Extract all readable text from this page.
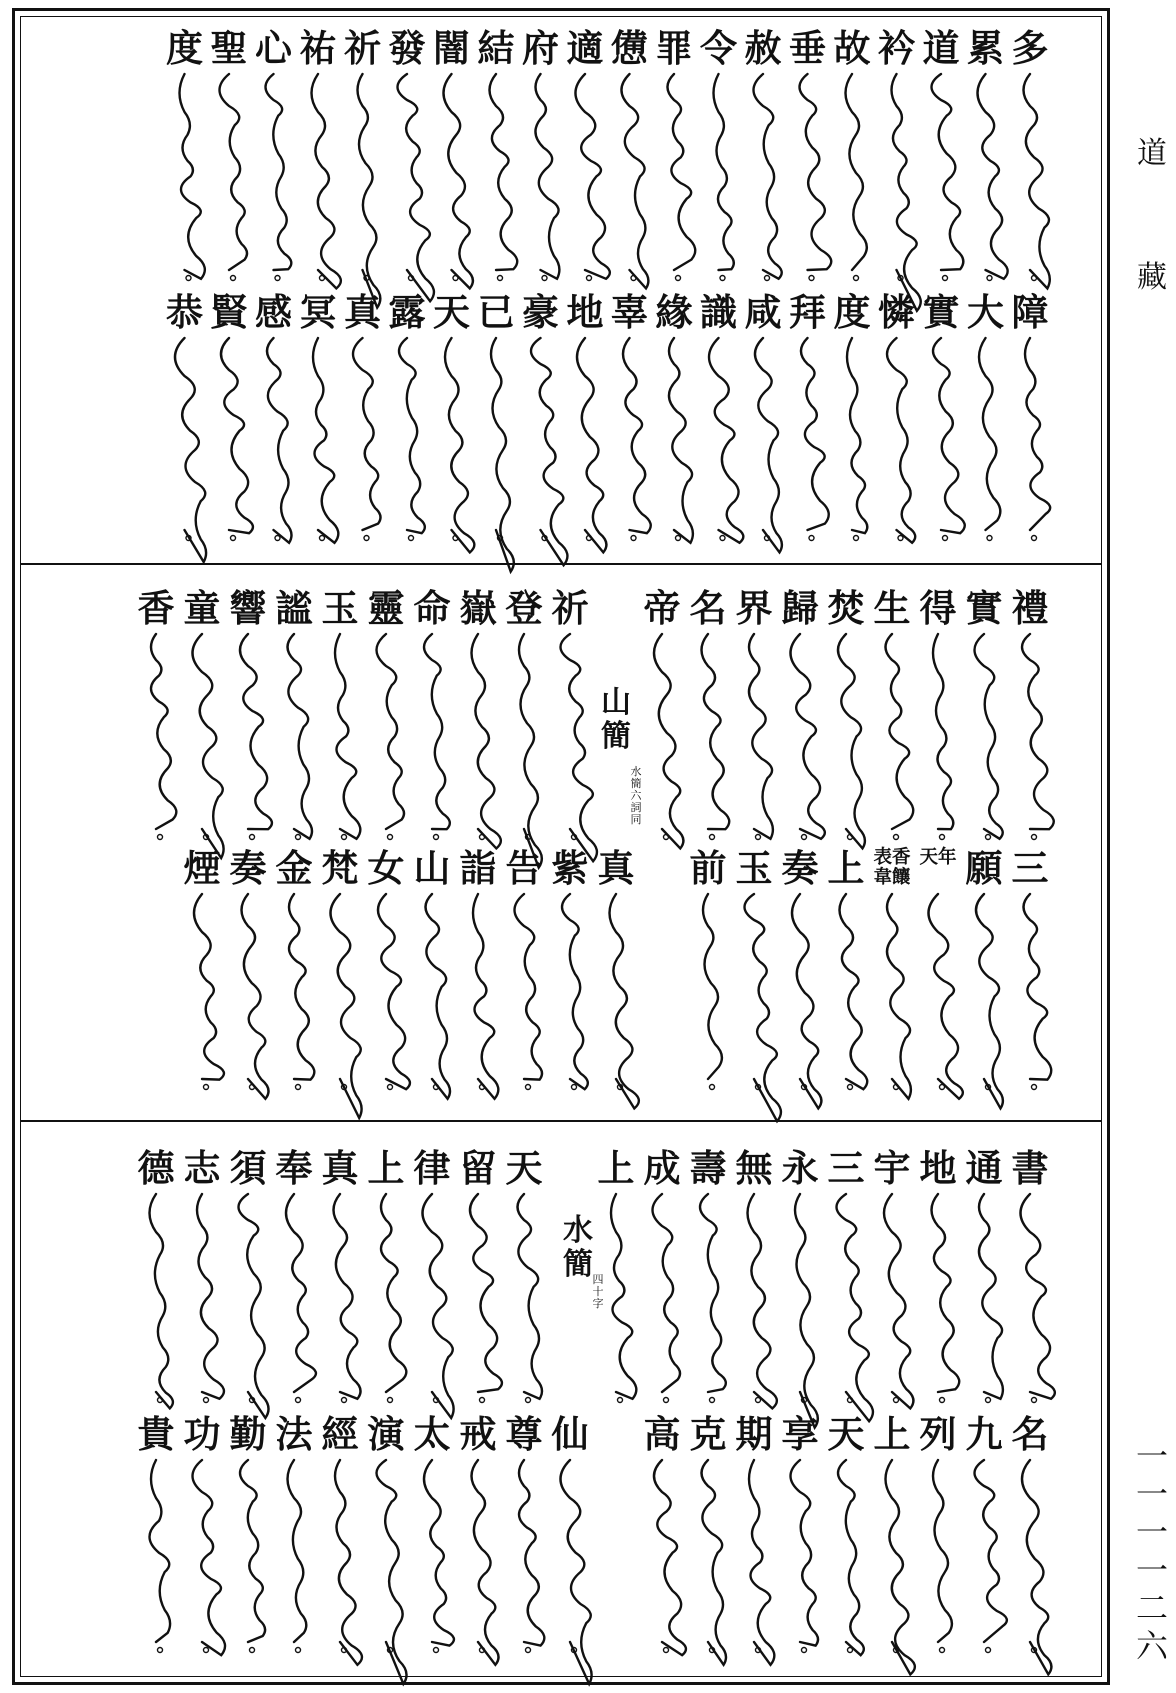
多
累
道
衿
故
垂
赦
令
罪
憊
適
府
結
闇
發
祈
祐
心
聖
度
障
大
實
憐
度
拜
咸
識
緣
辜
地
豪
已
天
露
真
冥
感
賢
恭
禮
實
得
生
焚
歸
界
名
帝
祈
登
嶽
命
靈
玉
謐
響
童
香
三
願
天年
表香韋饟
上
奏
玉
前
真
紫
告
詣
山
女
梵
金
奏
煙
山簡
水簡六詞同
書
通
地
宇
三
永
無
壽
成
上
天
留
律
上
真
奉
須
志
德
名
九
列
上
天
享
期
克
高
仙
尊
戒
太
演
經
法
勤
功
貴
水簡 四十字
道
藏
一
一
一
一
二
六
